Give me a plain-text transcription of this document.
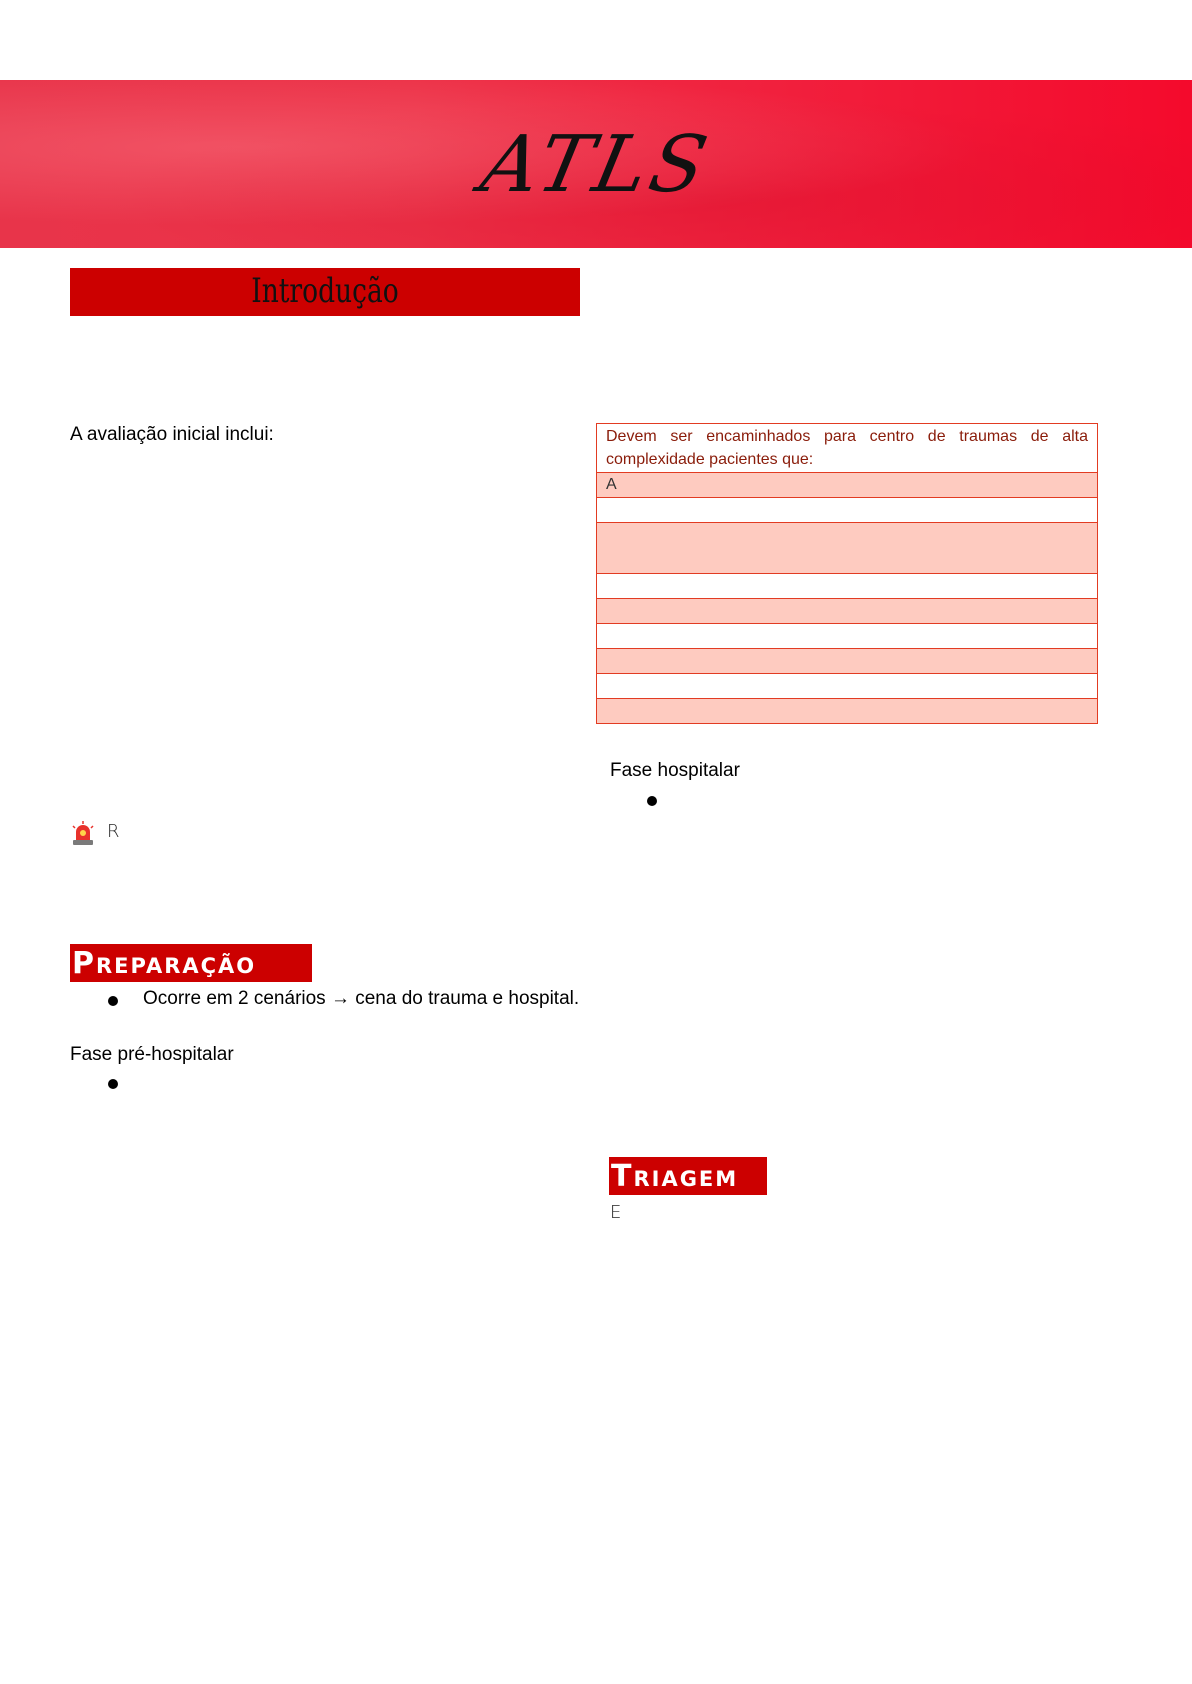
ATLS
Introdução
A avaliação inicial inclui:
R
Preparação
Ocorre em 2 cenários → cena do trauma e hospital.
Fase pré-hospitalar
Devem ser encaminhados para centro de traumas de alta complexidade pacientes que:
A

Fase hospitalar
Triagem
E
